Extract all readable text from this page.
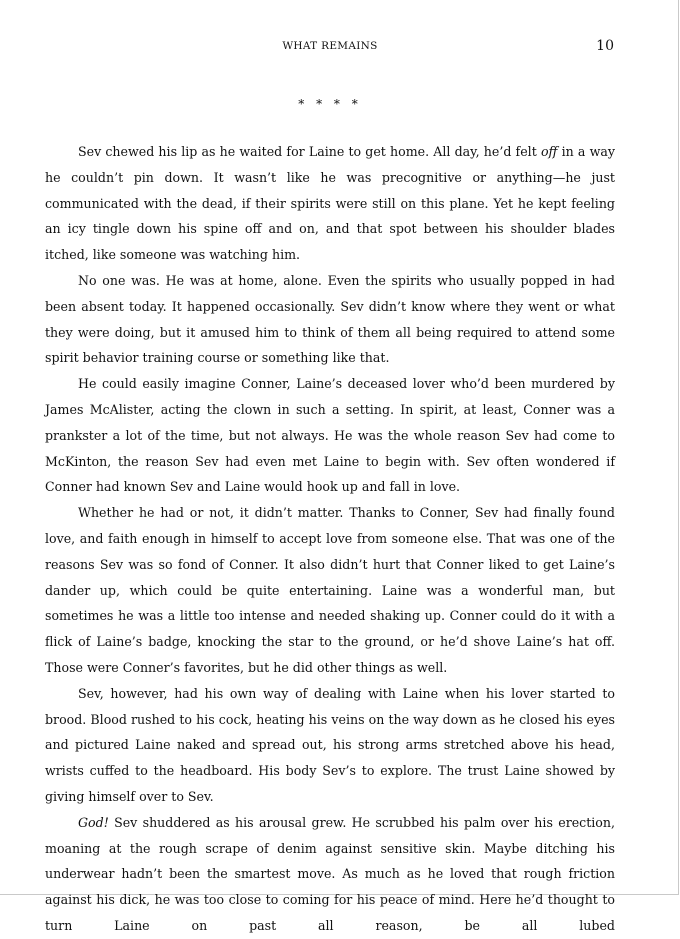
WHAT REMAINS	10
* * * *

Sev chewed his lip as he waited for Laine to get home. All day, he’d felt off in a way he couldn’t pin down. It wasn’t like he was precognitive or anything—he just communicated with the dead, if their spirits were still on this plane. Yet he kept feeling an icy tingle down his spine off and on, and that spot between his shoulder blades itched, like someone was watching him.

No one was. He was at home, alone. Even the spirits who usually popped in had been absent today. It happened occasionally. Sev didn’t know where they went or what they were doing, but it amused him to think of them all being required to attend some spirit behavior training course or something like that.

He could easily imagine Conner, Laine’s deceased lover who’d been murdered by James McAlister, acting the clown in such a setting. In spirit, at least, Conner was a prankster a lot of the time, but not always. He was the whole reason Sev had come to McKinton, the reason Sev had even met Laine to begin with. Sev often wondered if Conner had known Sev and Laine would hook up and fall in love.

Whether he had or not, it didn’t matter. Thanks to Conner, Sev had finally found love, and faith enough in himself to accept love from someone else. That was one of the reasons Sev was so fond of Conner. It also didn’t hurt that Conner liked to get Laine’s dander up, which could be quite entertaining. Laine was a wonderful man, but sometimes he was a little too intense and needed shaking up. Conner could do it with a flick of Laine’s badge, knocking the star to the ground, or he’d shove Laine’s hat off. Those were Conner’s favorites, but he did other things as well.

Sev, however, had his own way of dealing with Laine when his lover started to brood. Blood rushed to his cock, heating his veins on the way down as he closed his eyes and pictured Laine naked and spread out, his strong arms stretched above his head, wrists cuffed to the headboard. His body Sev’s to explore. The trust Laine showed by giving himself over to Sev.

God! Sev shuddered as his arousal grew. He scrubbed his palm over his erection, moaning at the rough scrape of denim against sensitive skin. Maybe ditching his underwear hadn’t been the smartest move. As much as he loved that rough friction against his dick, he was too close to coming for his peace of mind. Here he’d thought to turn Laine on past all reason, be all lubed
